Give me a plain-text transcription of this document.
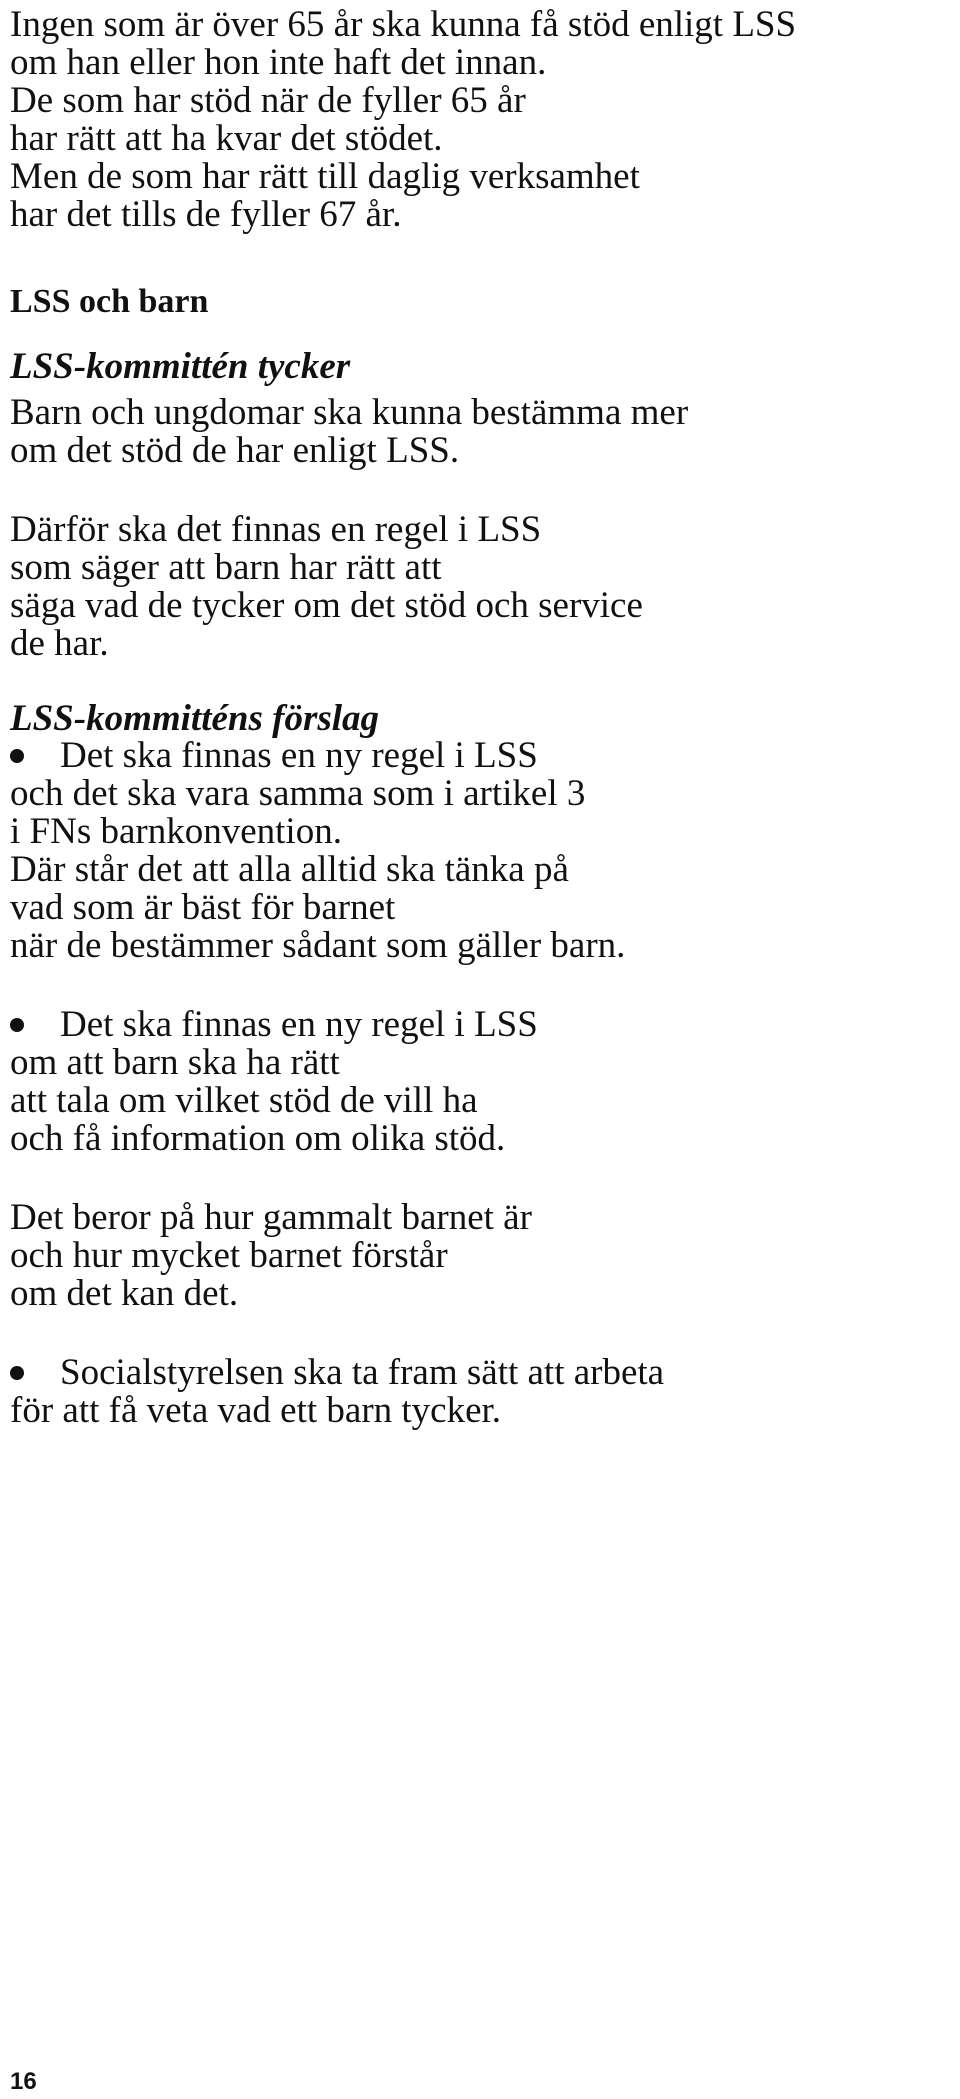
Ingen som är över 65 år ska kunna få stöd enligt LSS
om han eller hon inte haft det innan.
De som har stöd när de fyller 65 år
har rätt att ha kvar det stödet.
Men de som har rätt till daglig verksamhet
har det tills de fyller 67 år.
LSS och barn
LSS-kommittén tycker
Barn och ungdomar ska kunna bestämma mer
om det stöd de har enligt LSS.
Därför ska det finnas en regel i LSS
som säger att barn har rätt att
säga vad de tycker om det stöd och service
de har.
LSS-kommitténs förslag
Det ska finnas en ny regel i LSS
och det ska vara samma som i artikel 3
i FNs barnkonvention.
Där står det att alla alltid ska tänka på
vad som är bäst för barnet
när de bestämmer sådant som gäller barn.
Det ska finnas en ny regel i LSS
om att barn ska ha rätt
att tala om vilket stöd de vill ha
och få information om olika stöd.
Det beror på hur gammalt barnet är
och hur mycket barnet förstår
om det kan det.
Socialstyrelsen ska ta fram sätt att arbeta
för att få veta vad ett barn tycker.
16
